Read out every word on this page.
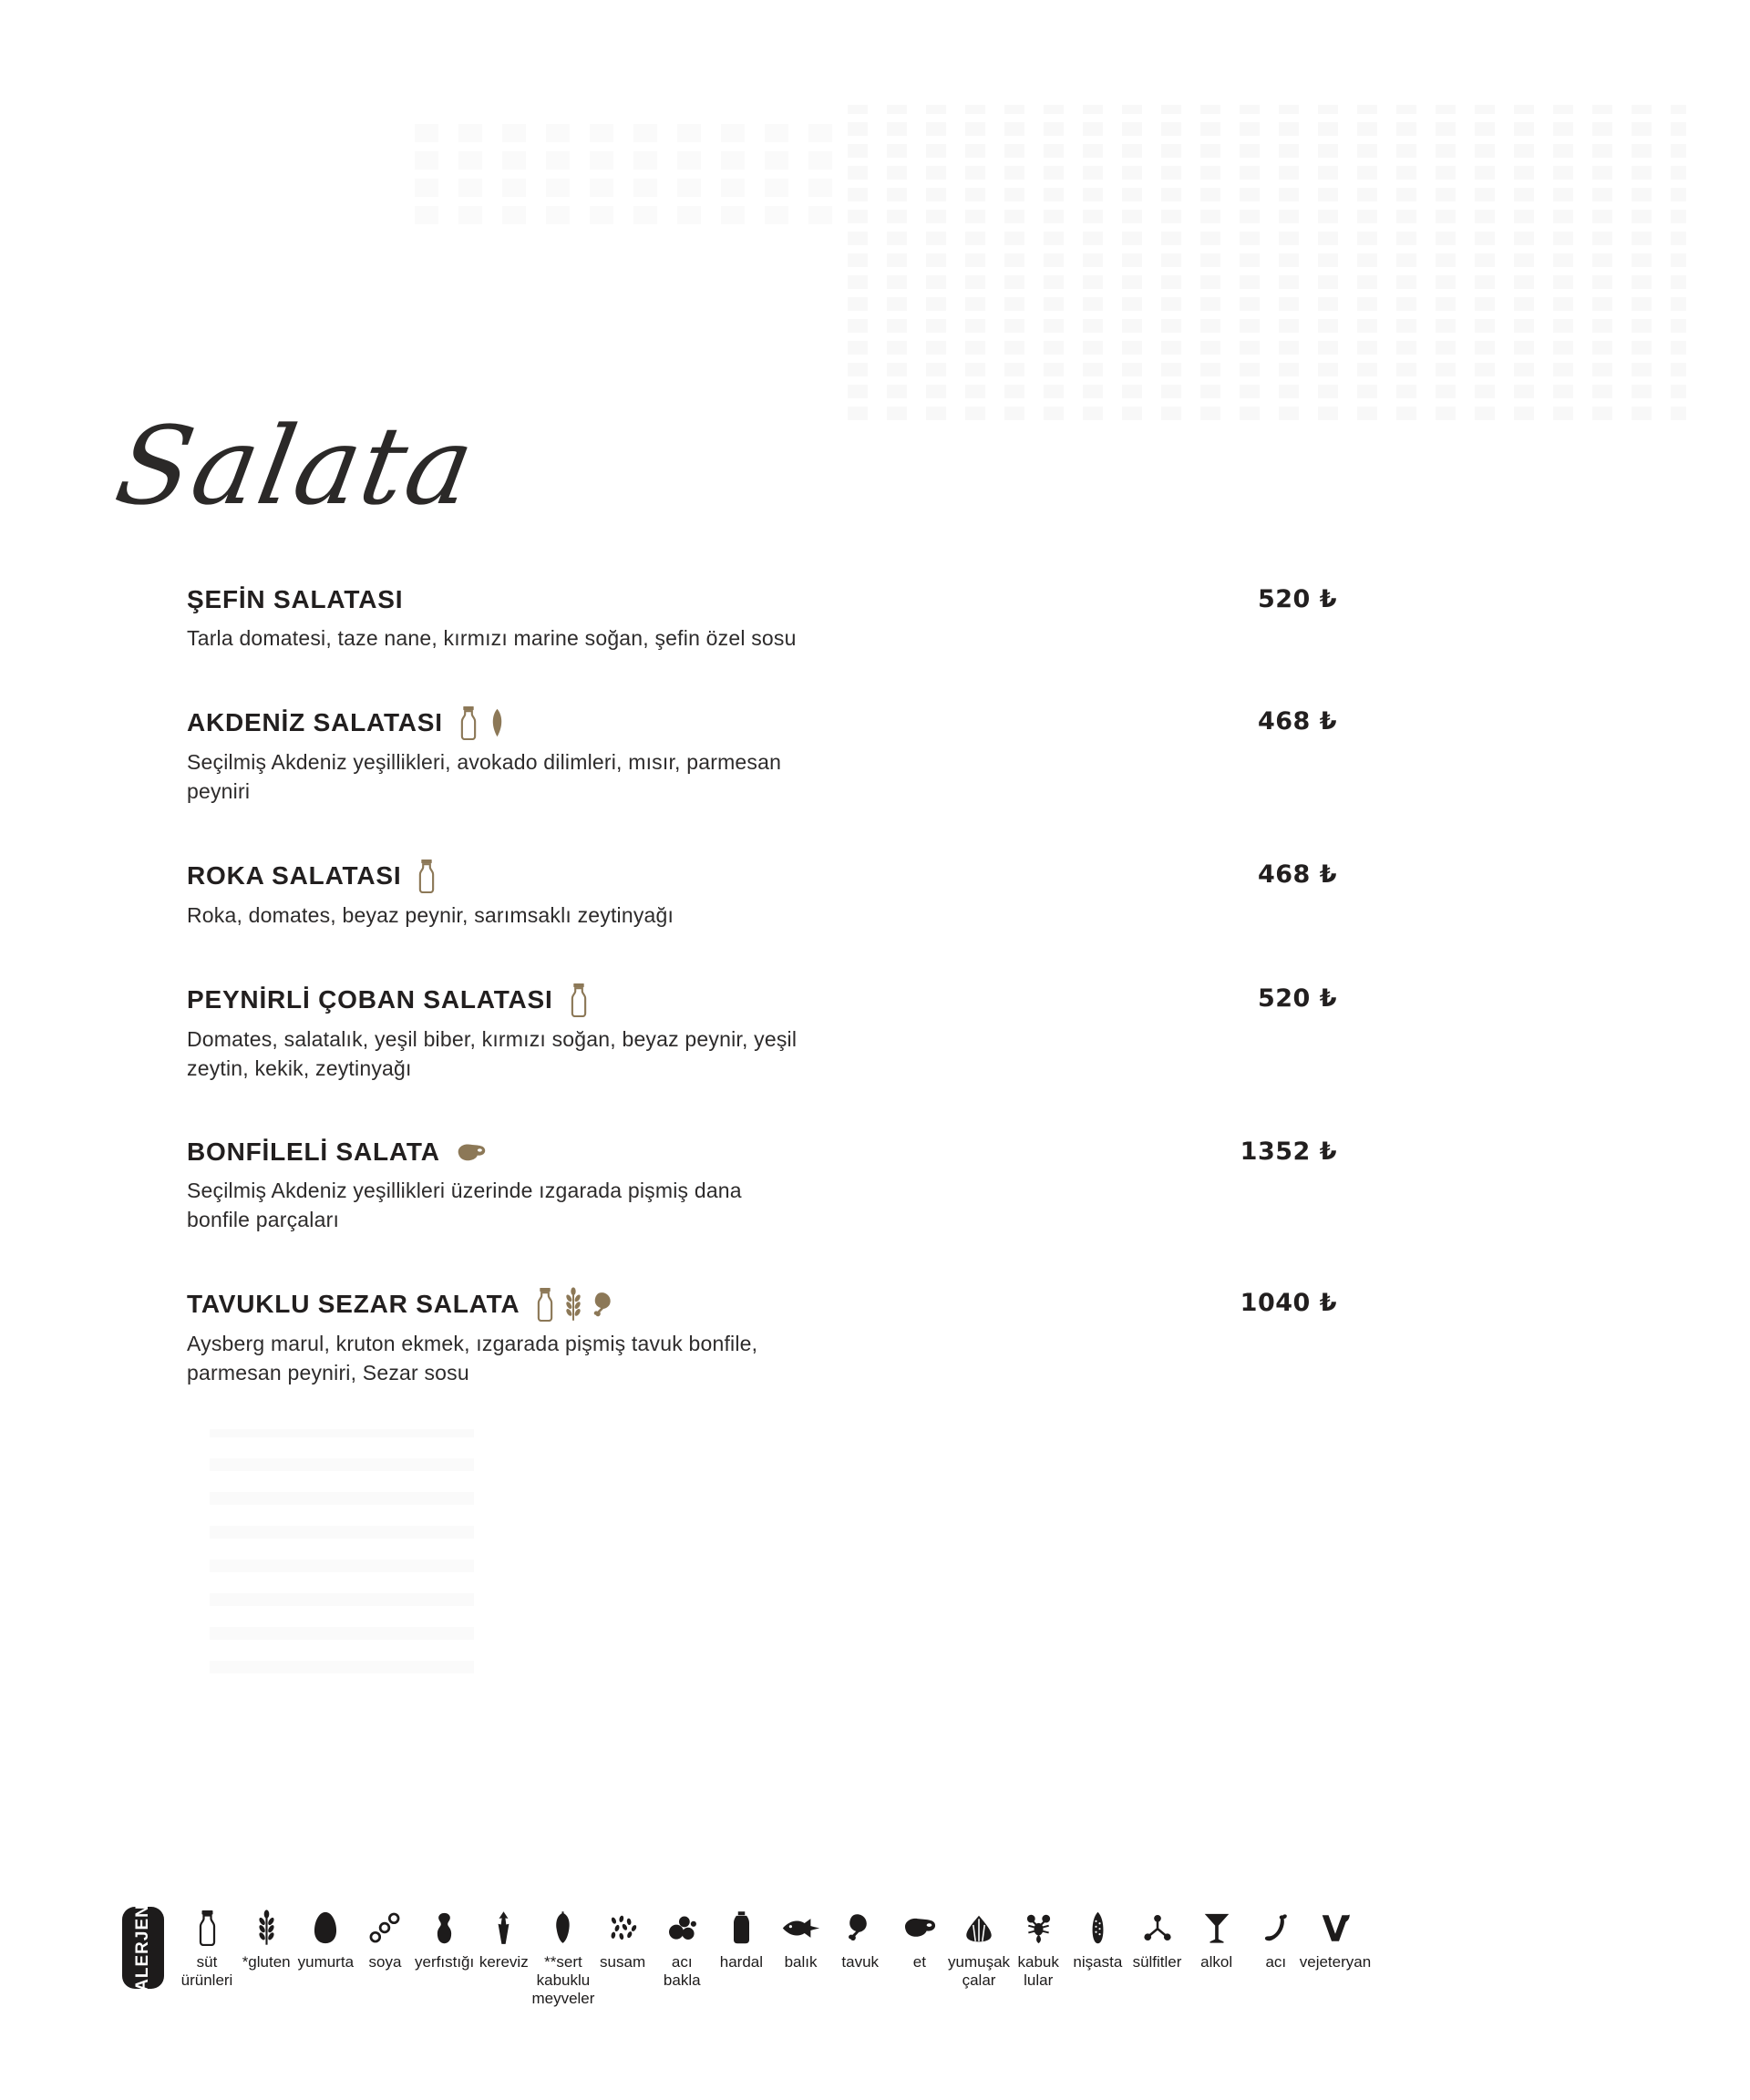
Salata
ŞEFİN SALATASI
Tarla domatesi, taze nane, kırmızı marine soğan, şefin özel sosu
520 ₺
AKDENİZ SALATASI
Seçilmiş Akdeniz yeşillikleri, avokado dilimleri, mısır, parmesan
peyniri
468 ₺
ROKA SALATASI
Roka, domates, beyaz peynir, sarımsaklı zeytinyağı
468 ₺
PEYNİRLİ ÇOBAN SALATASI
Domates, salatalık, yeşil biber, kırmızı soğan, beyaz peynir, yeşil
zeytin, kekik, zeytinyağı
520 ₺
BONFİLELİ SALATA
Seçilmiş Akdeniz yeşillikleri üzerinde ızgarada pişmiş dana
bonfile parçaları
1352 ₺
TAVUKLU SEZAR SALATA
Aysberg marul, kruton ekmek, ızgarada pişmiş tavuk bonfile,
parmesan peyniri, Sezar sosu
1040 ₺
ALERJEN	süt
ürünleri
*gluten yumurta soya yerfıstığı kereviz **sert
kabuklu
meyveler
susam acı
bakla
hardal balık tavuk et yumuşak
çalar
kabuk
lular
nişasta sülfitler alkol acı vejeteryan
